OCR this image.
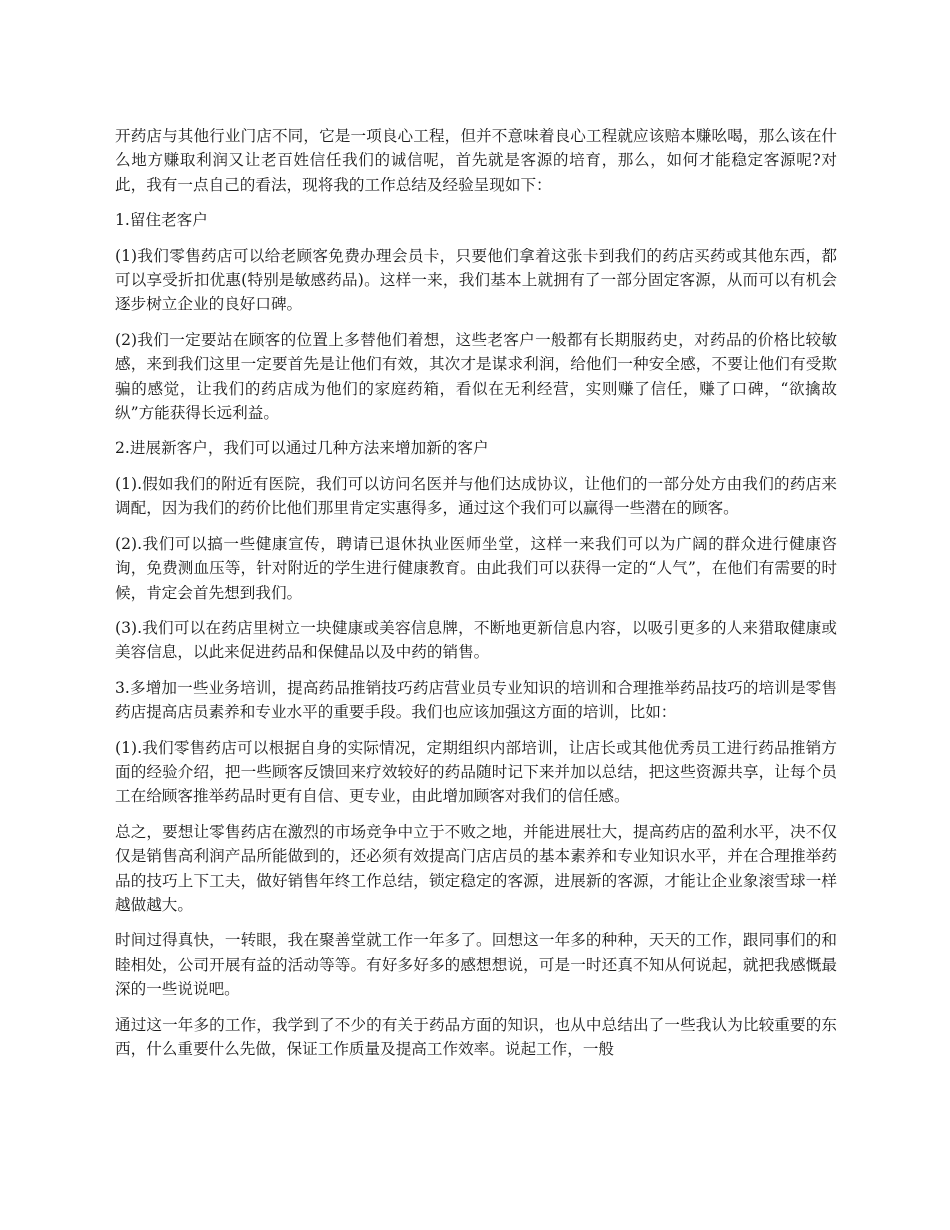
开药店与其他行业门店不同，它是一项良心工程，但并不意味着良心工程就应该赔本赚吆喝，那么该在什么地方赚取利润又让老百姓信任我们的诚信呢，首先就是客源的培育，那么，如何才能稳定客源呢?对此，我有一点自己的看法，现将我的工作总结及经验呈现如下：

1.留住老客户

(1)我们零售药店可以给老顾客免费办理会员卡，只要他们拿着这张卡到我们的药店买药或其他东西，都可以享受折扣优惠(特别是敏感药品)。这样一来，我们基本上就拥有了一部分固定客源，从而可以有机会逐步树立企业的良好口碑。

(2)我们一定要站在顾客的位置上多替他们着想，这些老客户一般都有长期服药史，对药品的价格比较敏感，来到我们这里一定要首先是让他们有效，其次才是谋求利润，给他们一种安全感，不要让他们有受欺骗的感觉，让我们的药店成为他们的家庭药箱，看似在无利经营，实则赚了信任，赚了口碑，“欲擒故纵”方能获得长远利益。

2.进展新客户，我们可以通过几种方法来增加新的客户

(1).假如我们的附近有医院，我们可以访问名医并与他们达成协议，让他们的一部分处方由我们的药店来调配，因为我们的药价比他们那里肯定实惠得多，通过这个我们可以赢得一些潜在的顾客。

(2).我们可以搞一些健康宣传，聘请已退休执业医师坐堂，这样一来我们可以为广阔的群众进行健康咨询，免费测血压等，针对附近的学生进行健康教育。由此我们可以获得一定的“人气”，在他们有需要的时候，肯定会首先想到我们。

(3).我们可以在药店里树立一块健康或美容信息牌，不断地更新信息内容，以吸引更多的人来猎取健康或美容信息，以此来促进药品和保健品以及中药的销售。

3.多增加一些业务培训，提高药品推销技巧药店营业员专业知识的培训和合理推举药品技巧的培训是零售药店提高店员素养和专业水平的重要手段。我们也应该加强这方面的培训，比如：

(1).我们零售药店可以根据自身的实际情况，定期组织内部培训，让店长或其他优秀员工进行药品推销方面的经验介绍，把一些顾客反馈回来疗效较好的药品随时记下来并加以总结，把这些资源共享，让每个员工在给顾客推举药品时更有自信、更专业，由此增加顾客对我们的信任感。

总之，要想让零售药店在激烈的市场竞争中立于不败之地，并能进展壮大，提高药店的盈利水平，决不仅仅是销售高利润产品所能做到的，还必须有效提高门店店员的基本素养和专业知识水平，并在合理推举药品的技巧上下工夫，做好销售年终工作总结，锁定稳定的客源，进展新的客源，才能让企业象滚雪球一样越做越大。

时间过得真快，一转眼，我在聚善堂就工作一年多了。回想这一年多的种种，天天的工作，跟同事们的和睦相处，公司开展有益的活动等等。有好多好多的感想想说，可是一时还真不知从何说起，就把我感慨最深的一些说说吧。

通过这一年多的工作，我学到了不少的有关于药品方面的知识，也从中总结出了一些我认为比较重要的东西，什么重要什么先做，保证工作质量及提高工作效率。说起工作，一般
